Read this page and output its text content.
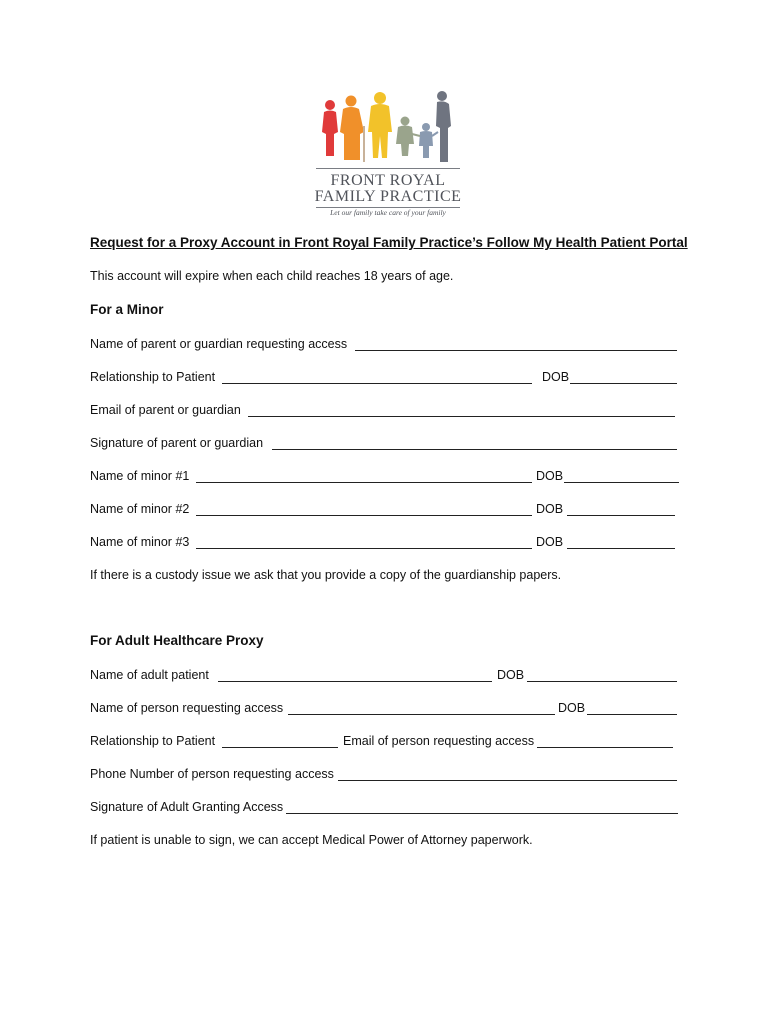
FRONT ROYAL
FAMILY PRACTICE
Let our family take care of your family
Request for a Proxy Account in Front Royal Family Practice’s Follow My Health Patient Portal
This account will expire when each child reaches 18 years of age.
For a Minor
Name of parent or guardian requesting access
Relationship to Patient	DOB
Email of parent or guardian
Signature of parent or guardian
Name of minor #1	DOB
Name of minor #2	DOB
Name of minor #3	DOB
If there is a custody issue we ask that you provide a copy of the guardianship papers.
For Adult Healthcare Proxy
Name of adult patient	DOB
Name of person requesting access	DOB
Relationship to Patient	Email of person requesting access
Phone Number of person requesting access
Signature of Adult Granting Access
If patient is unable to sign, we can accept Medical Power of Attorney paperwork.
